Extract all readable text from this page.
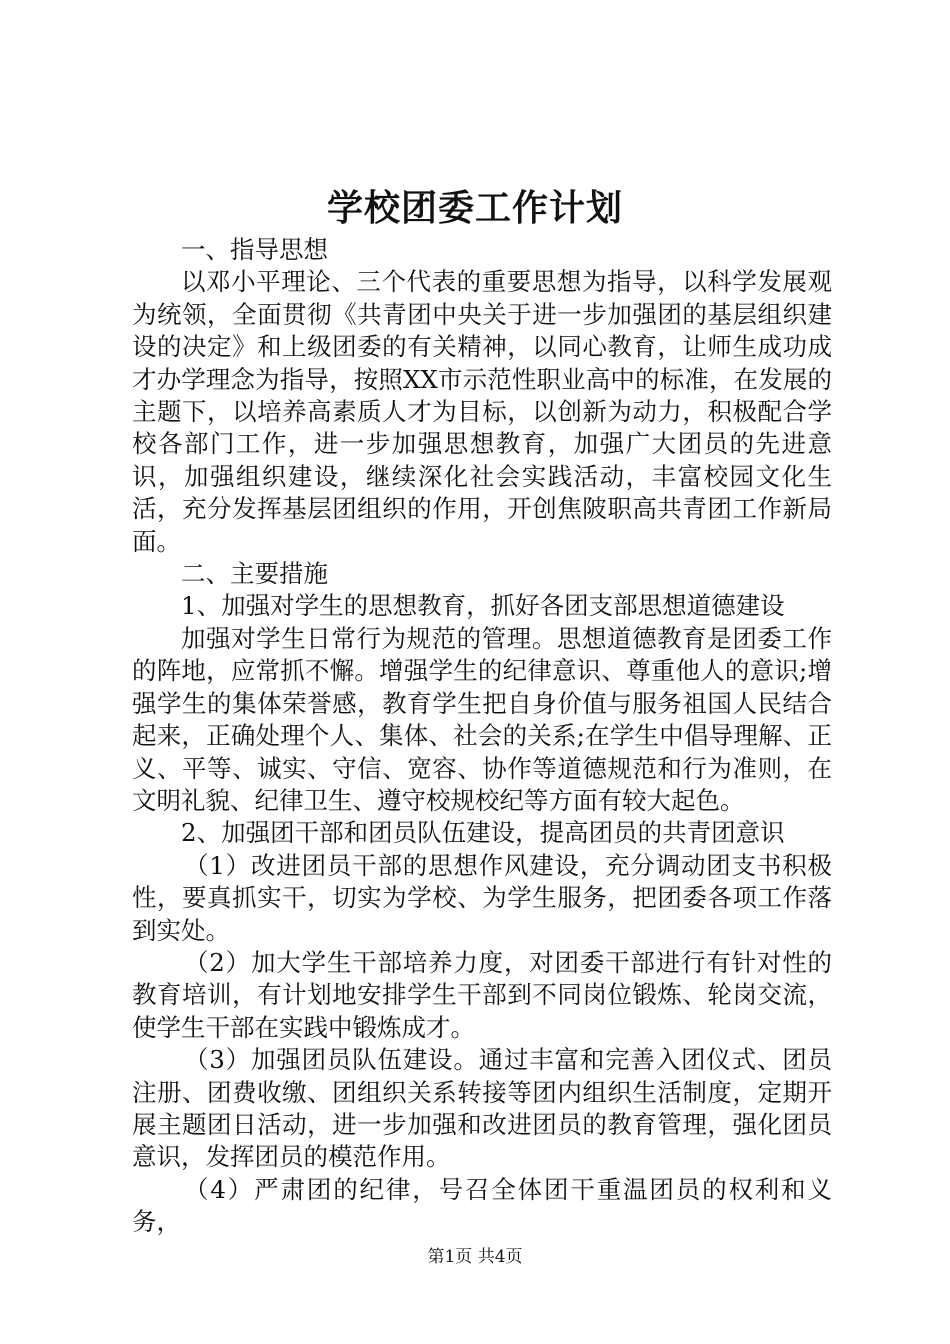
学校团委工作计划

一、指导思想

以邓小平理论、三个代表的重要思想为指导，以科学发展观为统领，全面贯彻《共青团中央关于进一步加强团的基层组织建设的决定》和上级团委的有关精神，以同心教育，让师生成功成才办学理念为指导，按照XX市示范性职业高中的标准，在发展的主题下，以培养高素质人才为目标，以创新为动力，积极配合学校各部门工作，进一步加强思想教育，加强广大团员的先进意识，加强组织建设，继续深化社会实践活动，丰富校园文化生活，充分发挥基层团组织的作用，开创焦陂职高共青团工作新局面。

二、主要措施

1、加强对学生的思想教育，抓好各团支部思想道德建设

加强对学生日常行为规范的管理。思想道德教育是团委工作的阵地，应常抓不懈。增强学生的纪律意识、尊重他人的意识;增强学生的集体荣誉感，教育学生把自身价值与服务祖国人民结合起来，正确处理个人、集体、社会的关系;在学生中倡导理解、正义、平等、诚实、守信、宽容、协作等道德规范和行为准则，在文明礼貌、纪律卫生、遵守校规校纪等方面有较大起色。

2、加强团干部和团员队伍建设，提高团员的共青团意识

（1）改进团员干部的思想作风建设，充分调动团支书积极性，要真抓实干，切实为学校、为学生服务，把团委各项工作落到实处。

（2）加大学生干部培养力度，对团委干部进行有针对性的教育培训，有计划地安排学生干部到不同岗位锻炼、轮岗交流，使学生干部在实践中锻炼成才。

（3）加强团员队伍建设。通过丰富和完善入团仪式、团员注册、团费收缴、团组织关系转接等团内组织生活制度，定期开展主题团日活动，进一步加强和改进团员的教育管理，强化团员意识，发挥团员的模范作用。

（4）严肃团的纪律，号召全体团干重温团员的权利和义务，

第1页 共4页
